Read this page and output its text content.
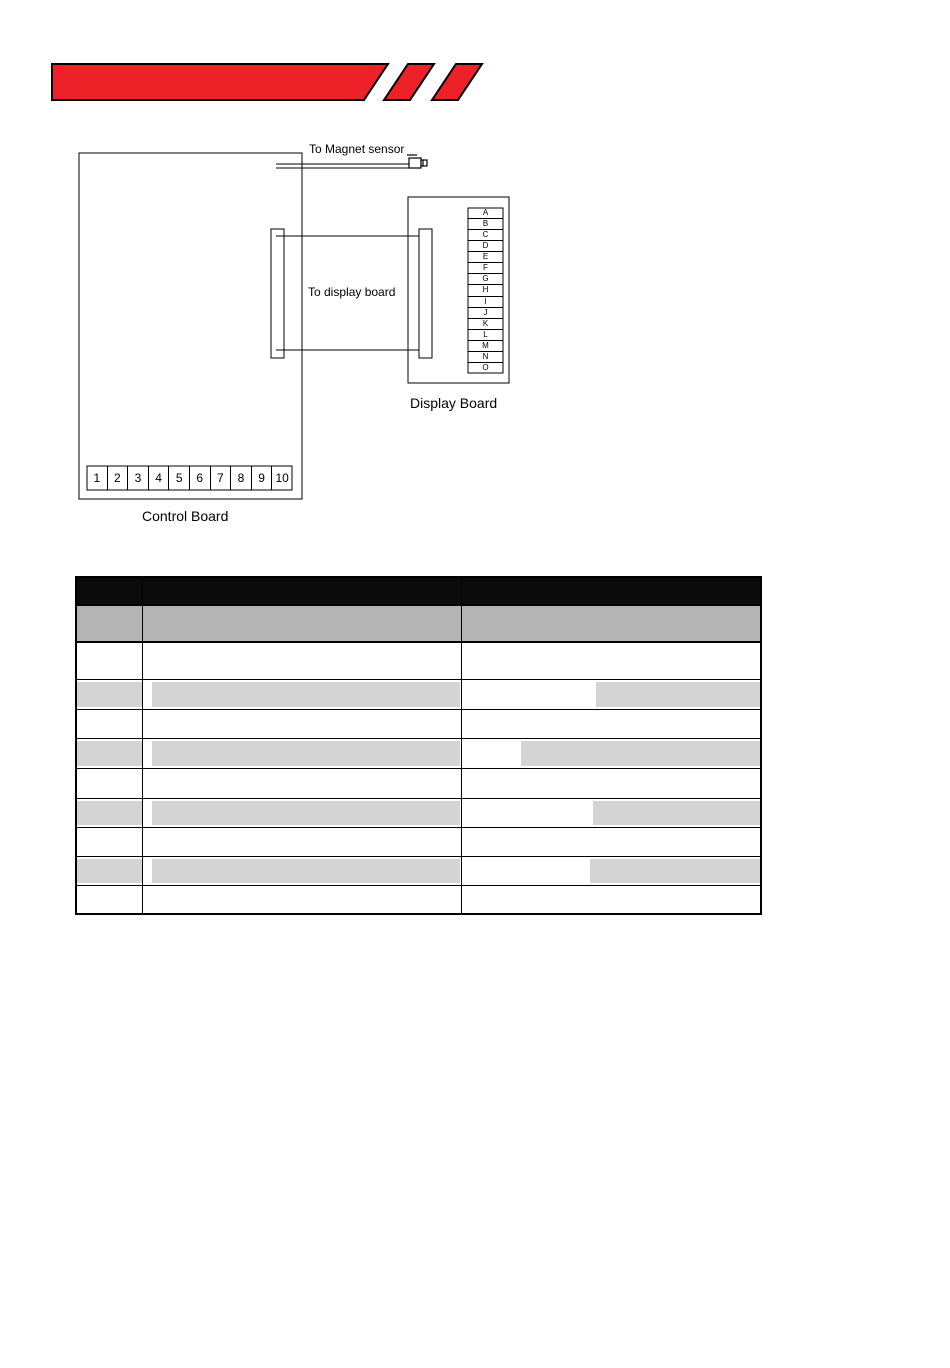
To Magnet sensor
To display board
Control Board
Display Board
1	2	3	4	5	6	7	8	9 10
A
B
C
D
E
F
G
H
I
J
K
L
M
N
O
